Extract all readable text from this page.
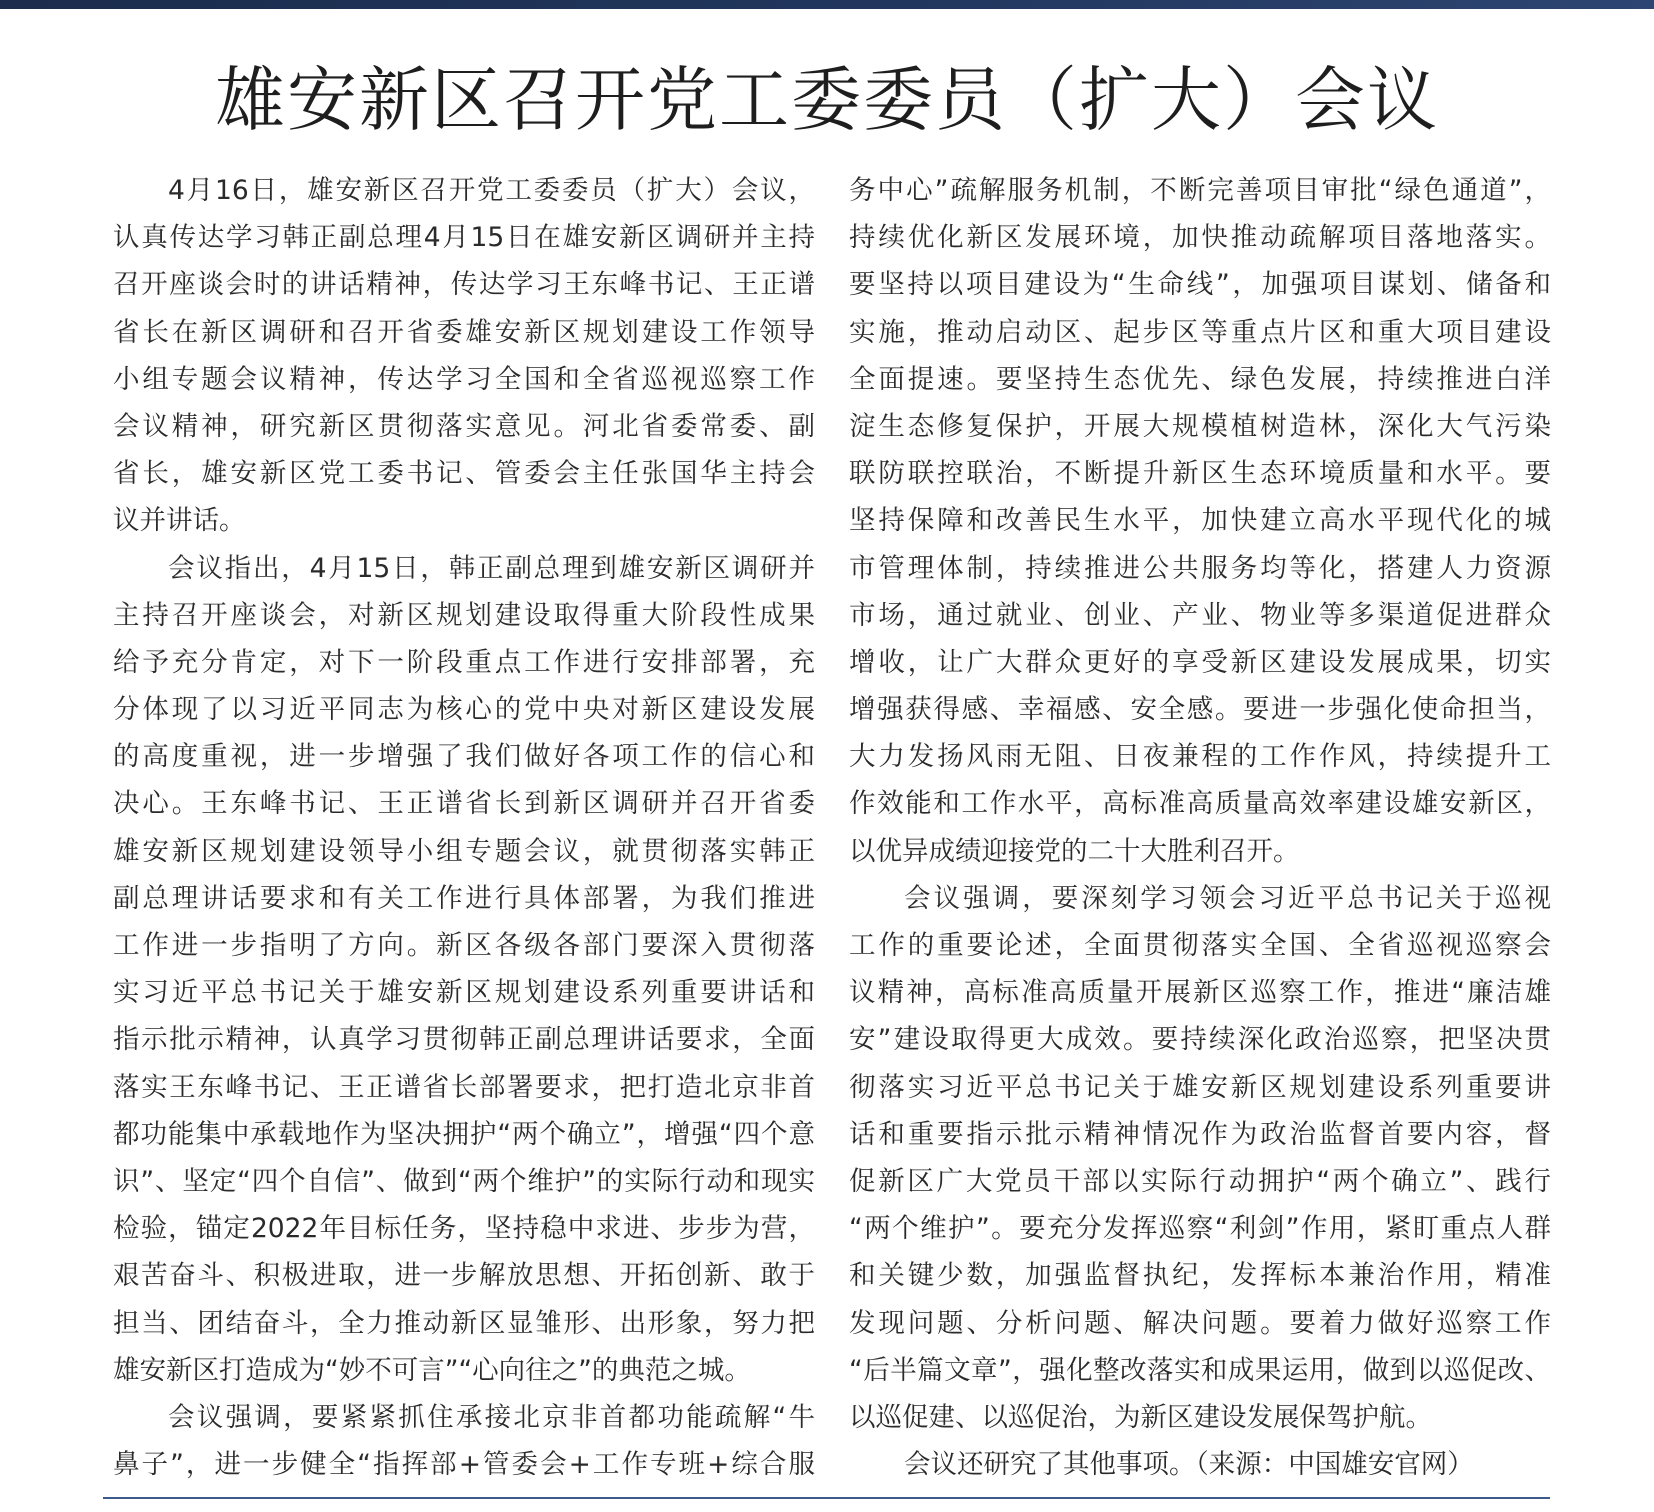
雄安新区召开党工委委员（扩大）会议
4月16日，雄安新区召开党工委委员（扩大）会议，
认真传达学习韩正副总理4月15日在雄安新区调研并主持
召开座谈会时的讲话精神，传达学习王东峰书记、王正谱
省长在新区调研和召开省委雄安新区规划建设工作领导
小组专题会议精神，传达学习全国和全省巡视巡察工作
会议精神，研究新区贯彻落实意见。河北省委常委、副
省长，雄安新区党工委书记、管委会主任张国华主持会
议并讲话。
会议指出，4月15日，韩正副总理到雄安新区调研并
主持召开座谈会，对新区规划建设取得重大阶段性成果
给予充分肯定，对下一阶段重点工作进行安排部署，充
分体现了以习近平同志为核心的党中央对新区建设发展
的高度重视，进一步增强了我们做好各项工作的信心和
决心。王东峰书记、王正谱省长到新区调研并召开省委
雄安新区规划建设领导小组专题会议，就贯彻落实韩正
副总理讲话要求和有关工作进行具体部署，为我们推进
工作进一步指明了方向。新区各级各部门要深入贯彻落
实习近平总书记关于雄安新区规划建设系列重要讲话和
指示批示精神，认真学习贯彻韩正副总理讲话要求，全面
落实王东峰书记、王正谱省长部署要求，把打造北京非首
都功能集中承载地作为坚决拥护“两个确立”，增强“四个意
识”、坚定“四个自信”、做到“两个维护”的实际行动和现实
检验，锚定2022年目标任务，坚持稳中求进、步步为营，
艰苦奋斗、积极进取，进一步解放思想、开拓创新、敢于
担当、团结奋斗，全力推动新区显雏形、出形象，努力把
雄安新区打造成为“妙不可言”“心向往之”的典范之城。
会议强调，要紧紧抓住承接北京非首都功能疏解“牛
鼻子”，进一步健全“指挥部+管委会+工作专班+综合服
务中心”疏解服务机制，不断完善项目审批“绿色通道”，
持续优化新区发展环境，加快推动疏解项目落地落实。
要坚持以项目建设为“生命线”，加强项目谋划、储备和
实施，推动启动区、起步区等重点片区和重大项目建设
全面提速。要坚持生态优先、绿色发展，持续推进白洋
淀生态修复保护，开展大规模植树造林，深化大气污染
联防联控联治，不断提升新区生态环境质量和水平。要
坚持保障和改善民生水平，加快建立高水平现代化的城
市管理体制，持续推进公共服务均等化，搭建人力资源
市场，通过就业、创业、产业、物业等多渠道促进群众
增收，让广大群众更好的享受新区建设发展成果，切实
增强获得感、幸福感、安全感。要进一步强化使命担当，
大力发扬风雨无阻、日夜兼程的工作作风，持续提升工
作效能和工作水平，高标准高质量高效率建设雄安新区，
以优异成绩迎接党的二十大胜利召开。
会议强调，要深刻学习领会习近平总书记关于巡视
工作的重要论述，全面贯彻落实全国、全省巡视巡察会
议精神，高标准高质量开展新区巡察工作，推进“廉洁雄
安”建设取得更大成效。要持续深化政治巡察，把坚决贯
彻落实习近平总书记关于雄安新区规划建设系列重要讲
话和重要指示批示精神情况作为政治监督首要内容，督
促新区广大党员干部以实际行动拥护“两个确立”、践行
“两个维护”。要充分发挥巡察“利剑”作用，紧盯重点人群
和关键少数，加强监督执纪，发挥标本兼治作用，精准
发现问题、分析问题、解决问题。要着力做好巡察工作
“后半篇文章”，强化整改落实和成果运用，做到以巡促改、
以巡促建、以巡促治，为新区建设发展保驾护航。
会议还研究了其他事项。（来源：中国雄安官网）
